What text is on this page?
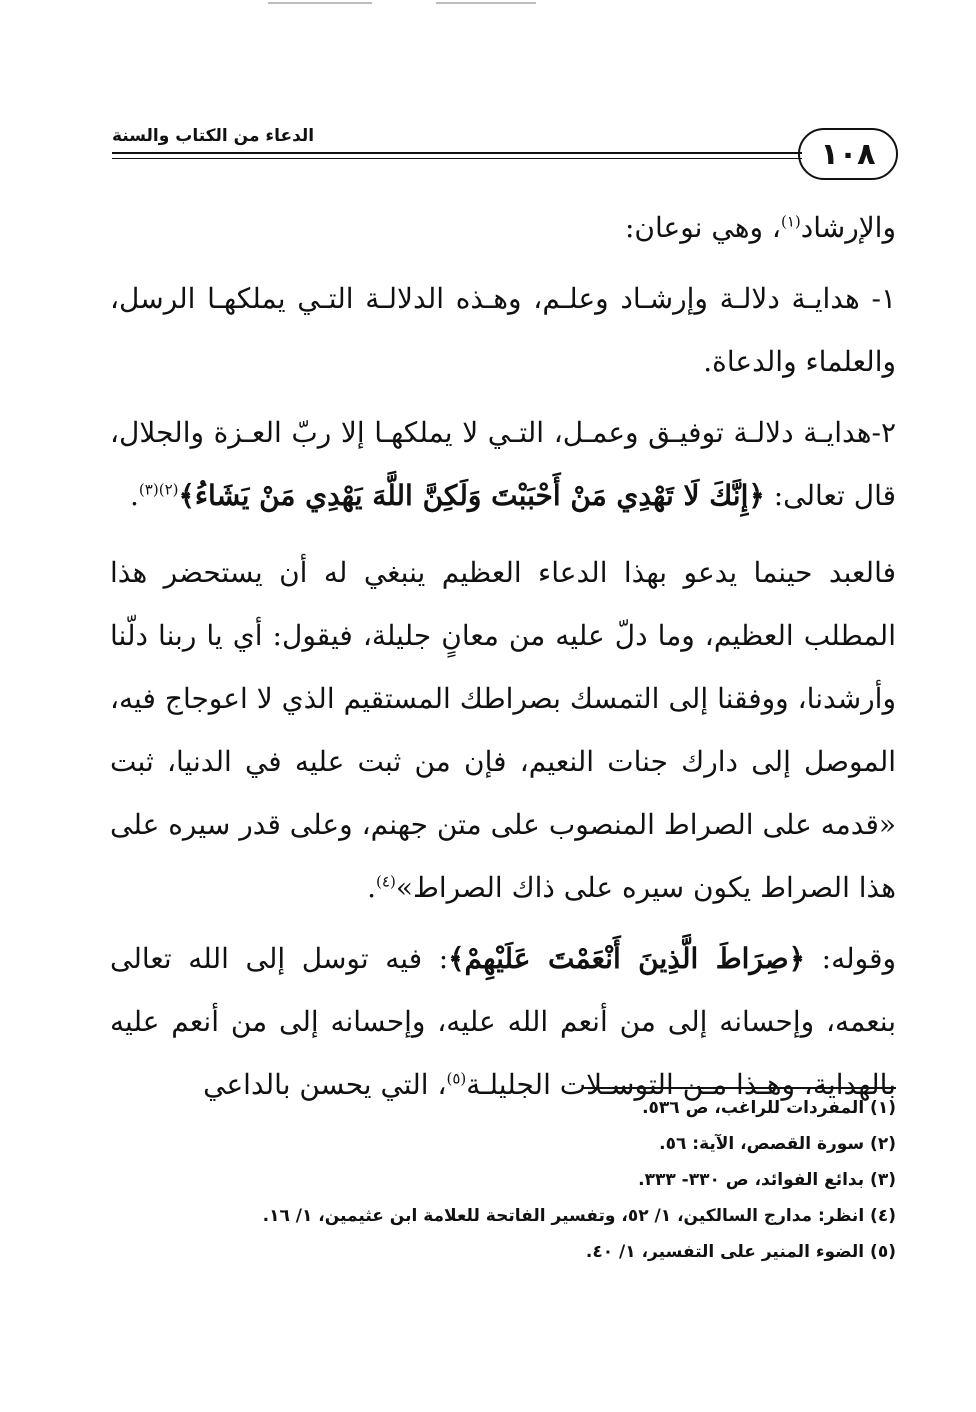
الدعاء من الكتاب والسنة
١٠٨

والإرشاد$^{(١)}$، وهي نوعان:

١- هدايـة دلالـة وإرشـاد وعلـم، وهـذه الدلالـة التـي يملكهـا الرسل، والعلماء والدعاة.

٢-هدايـة دلالـة توفيـق وعمـل، التـي لا يملكهـا إلا ربّ العـزة والجلال، قال تعالى: ﴿إِنَّكَ لَا تَهْدِي مَنْ أَحْبَبْتَ وَلَكِنَّ اللَّهَ يَهْدِي مَنْ يَشَاءُ﴾$^{(٢)(٣)}$.

فالعبد حينما يدعو بهذا الدعاء العظيم ينبغي له أن يستحضر هذا المطلب العظيم، وما دلّ عليه من معانٍ جليلة، فيقول: أي يا ربنا دلّنا وأرشدنا، ووفقنا إلى التمسك بصراطك المستقيم الذي لا اعوجاج فيه، الموصل إلى دارك جنات النعيم، فإن من ثبت عليه في الدنيا، ثبت «قدمه على الصراط المنصوب على متن جهنم، وعلى قدر سيره على هذا الصراط يكون سيره على ذاك الصراط»$^{(٤)}$.

وقوله: ﴿صِرَاطَ الَّذِينَ أَنْعَمْتَ عَلَيْهِمْ﴾: فيه توسل إلى الله تعالى بنعمه، وإحسانه إلى من أنعم الله عليه، وإحسانه إلى من أنعم عليه بالهداية، وهـذا مـن التوسـلات الجليلـة$^{(٥)}$، التي يحسن بالداعي

(١) المفردات للراغب، ص ٥٣٦.

(٢) سورة القصص، الآية: ٥٦.

(٣) بدائع الفوائد، ص ٣٣٠- ٣٣٣.

(٤) انظر: مدارج السالكين، ١/ ٥٢، وتفسير الفاتحة للعلامة ابن عثيمين، ١/ ١٦.

(٥) الضوء المنير على التفسير، ١/ ٤٠.
